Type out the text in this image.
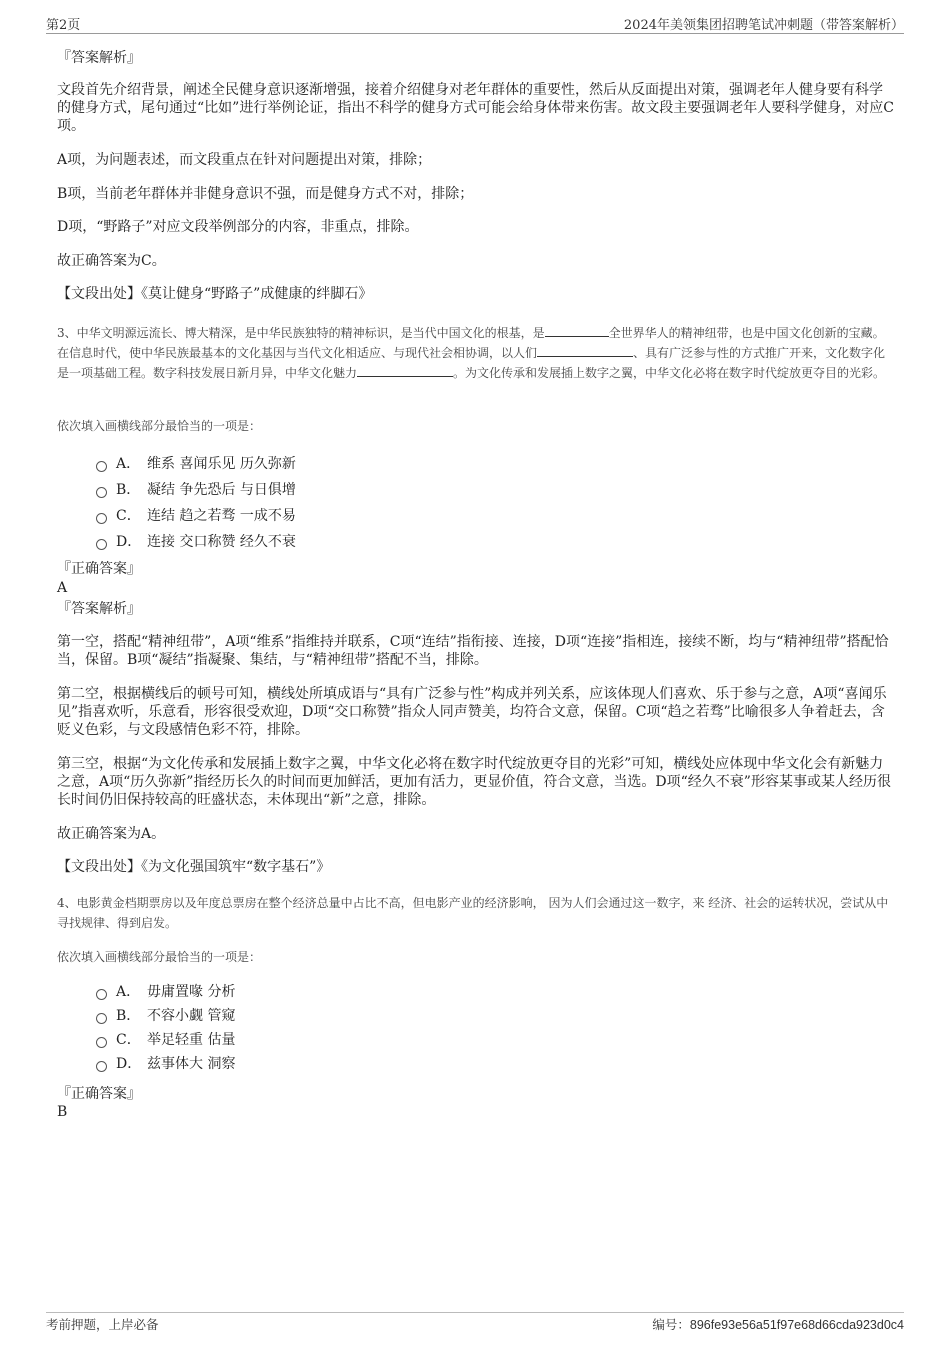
第2页	2024年美领集团招聘笔试冲刺题（带答案解析）
『答案解析』

文段首先介绍背景，阐述全民健身意识逐渐增强，接着介绍健身对老年群体的重要性，然后从反面提出对策，强调老年人健身要有科学的健身方式，尾句通过“比如”进行举例论证，指出不科学的健身方式可能会给身体带来伤害。故文段主要强调老年人要科学健身，对应C项。

A项，为问题表述，而文段重点在针对问题提出对策，排除；

B项，当前老年群体并非健身意识不强，而是健身方式不对，排除；

D项，“野路子”对应文段举例部分的内容，非重点，排除。

故正确答案为C。

【文段出处】《莫让健身“野路子”成健康的绊脚石》

3、中华文明源远流长、博大精深，是中华民族独特的精神标识，是当代中国文化的根基，是	全世界华人的精神纽带，也是中国文化创新的宝藏。在信息时代，使中华民族最基本的文化基因与当代文化相适应、与现代社会相协调，以人们	、具有广泛参与性的方式推广开来，文化数字化是一项基础工程。数字科技发展日新月异，中华文化魅力	。为文化传承和发展插上数字之翼，中华文化必将在数字时代绽放更夺目的光彩。

依次填入画横线部分最恰当的一项是：

A． 维系 喜闻乐见 历久弥新
B． 凝结 争先恐后 与日俱增
C． 连结 趋之若骛 一成不易
D． 连接 交口称赞 经久不衰
『正确答案』
A
『答案解析』

第一空，搭配“精神纽带”，A项“维系”指维持并联系，C项“连结”指衔接、连接，D项“连接”指相连，接续不断，均与“精神纽带”搭配恰当，保留。B项“凝结”指凝聚、集结，与“精神纽带”搭配不当，排除。

第二空，根据横线后的顿号可知，横线处所填成语与“具有广泛参与性”构成并列关系，应该体现人们喜欢、乐于参与之意，A项“喜闻乐见”指喜欢听，乐意看，形容很受欢迎，D项“交口称赞”指众人同声赞美，均符合文意，保留。C项“趋之若骛”比喻很多人争着赶去，含贬义色彩，与文段感情色彩不符，排除。

第三空，根据“为文化传承和发展插上数字之翼，中华文化必将在数字时代绽放更夺目的光彩”可知，横线处应体现中华文化会有新魅力之意，A项“历久弥新”指经历长久的时间而更加鲜活，更加有活力，更显价值，符合文意，当选。D项“经久不衰”形容某事或某人经历很长时间仍旧保持较高的旺盛状态，未体现出“新”之意，排除。

故正确答案为A。

【文段出处】《为文化强国筑牢“数字基石”》

4、电影黄金档期票房以及年度总票房在整个经济总量中占比不高，但电影产业的经济影响， 因为人们会通过这一数字，来 经济、社会的运转状况，尝试从中寻找规律、得到启发。

依次填入画横线部分最恰当的一项是：

A． 毋庸置喙 分析
B． 不容小觑 管窥
C． 举足轻重 估量
D． 兹事体大 洞察
『正确答案』
B
考前押题，上岸必备	编号：896fe93e56a51f97e68d66cda923d0c4
